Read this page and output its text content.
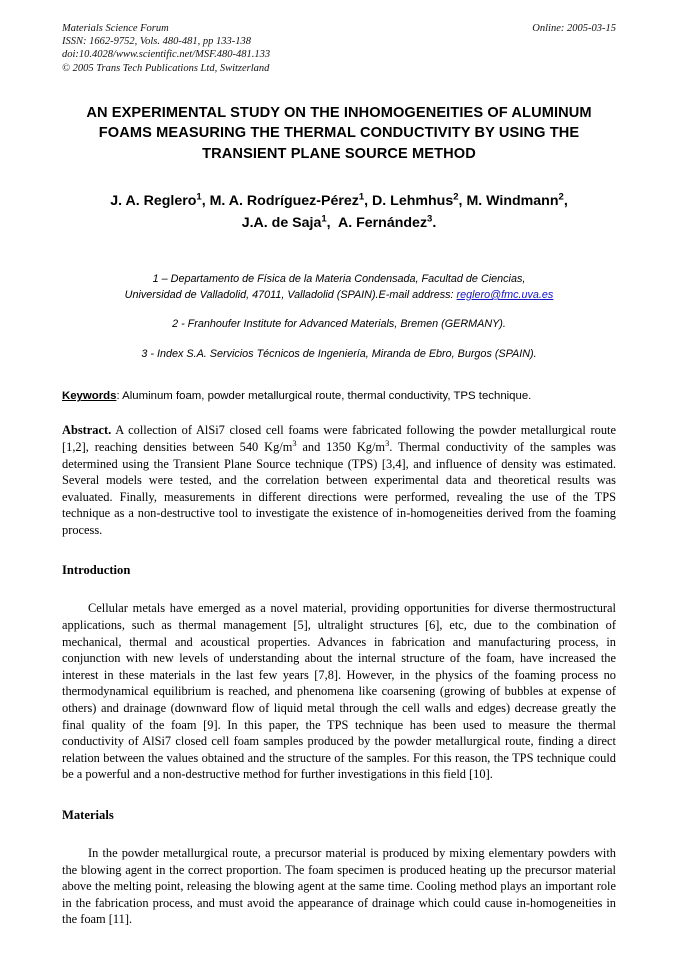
Materials Science Forum
ISSN: 1662-9752, Vols. 480-481, pp 133-138
doi:10.4028/www.scientific.net/MSF.480-481.133
© 2005 Trans Tech Publications Ltd, Switzerland
Online: 2005-03-15
AN EXPERIMENTAL STUDY ON THE INHOMOGENEITIES OF ALUMINUM FOAMS MEASURING THE THERMAL CONDUCTIVITY BY USING THE TRANSIENT PLANE SOURCE METHOD
J. A. Reglero$^1$, M. A. Rodríguez-Pérez$^1$, D. Lehmhus$^2$, M. Windmann$^2$,
J.A. de Saja$^1$,  A. Fernández$^3$.
1 – Departamento de Física de la Materia Condensada, Facultad de Ciencias,
Universidad de Valladolid, 47011, Valladolid (SPAIN).E-mail address: reglero@fmc.uva.es
2 - Franhoufer Institute for Advanced Materials, Bremen (GERMANY).
3 - Index S.A. Servicios Técnicos de Ingeniería, Miranda de Ebro, Burgos (SPAIN).
Keywords: Aluminum foam, powder metallurgical route, thermal conductivity, TPS technique.

Abstract. A collection of AlSi7 closed cell foams were fabricated following the powder metallurgical route [1,2], reaching densities between 540 $Kg/m^3$ and 1350 $Kg/m^3$. Thermal conductivity of the samples was determined using the Transient Plane Source technique (TPS) [3,4], and influence of density was estimated. Several models were tested, and the correlation between experimental data and theoretical results was evaluated. Finally, measurements in different directions were performed, revealing the use of the TPS technique as a non-destructive tool to investigate the existence of in-homogeneities derived from the foaming process.

Introduction

Cellular metals have emerged as a novel material, providing opportunities for diverse thermostructural applications, such as thermal management [5], ultralight structures [6], etc, due to the combination of mechanical, thermal and acoustical properties. Advances in fabrication and manufacturing process, in conjunction with new levels of understanding about the internal structure of the foam, have increased the interest in these materials in the last few years [7,8]. However, in the physics of the foaming process no thermodynamical equilibrium is reached, and phenomena like coarsening (growing of bubbles at expense of others) and drainage (downward flow of liquid metal through the cell walls and edges) decrease greatly the final quality of the foam [9]. In this paper, the TPS technique has been used to measure the thermal conductivity of AlSi7 closed cell foam samples produced by the powder metallurgical route, finding a direct relation between the values obtained and the structure of the samples. For this reason, the TPS technique could be a powerful and a non-destructive method for further investigations in this field [10].

Materials

In the powder metallurgical route, a precursor material is produced by mixing elementary powders with the blowing agent in the correct proportion. The foam specimen is produced heating up the precursor material above the melting point, releasing the blowing agent at the same time. Cooling method plays an important role in the fabrication process, and must avoid the appearance of drainage which could cause in-homogeneities in the foam [11].
